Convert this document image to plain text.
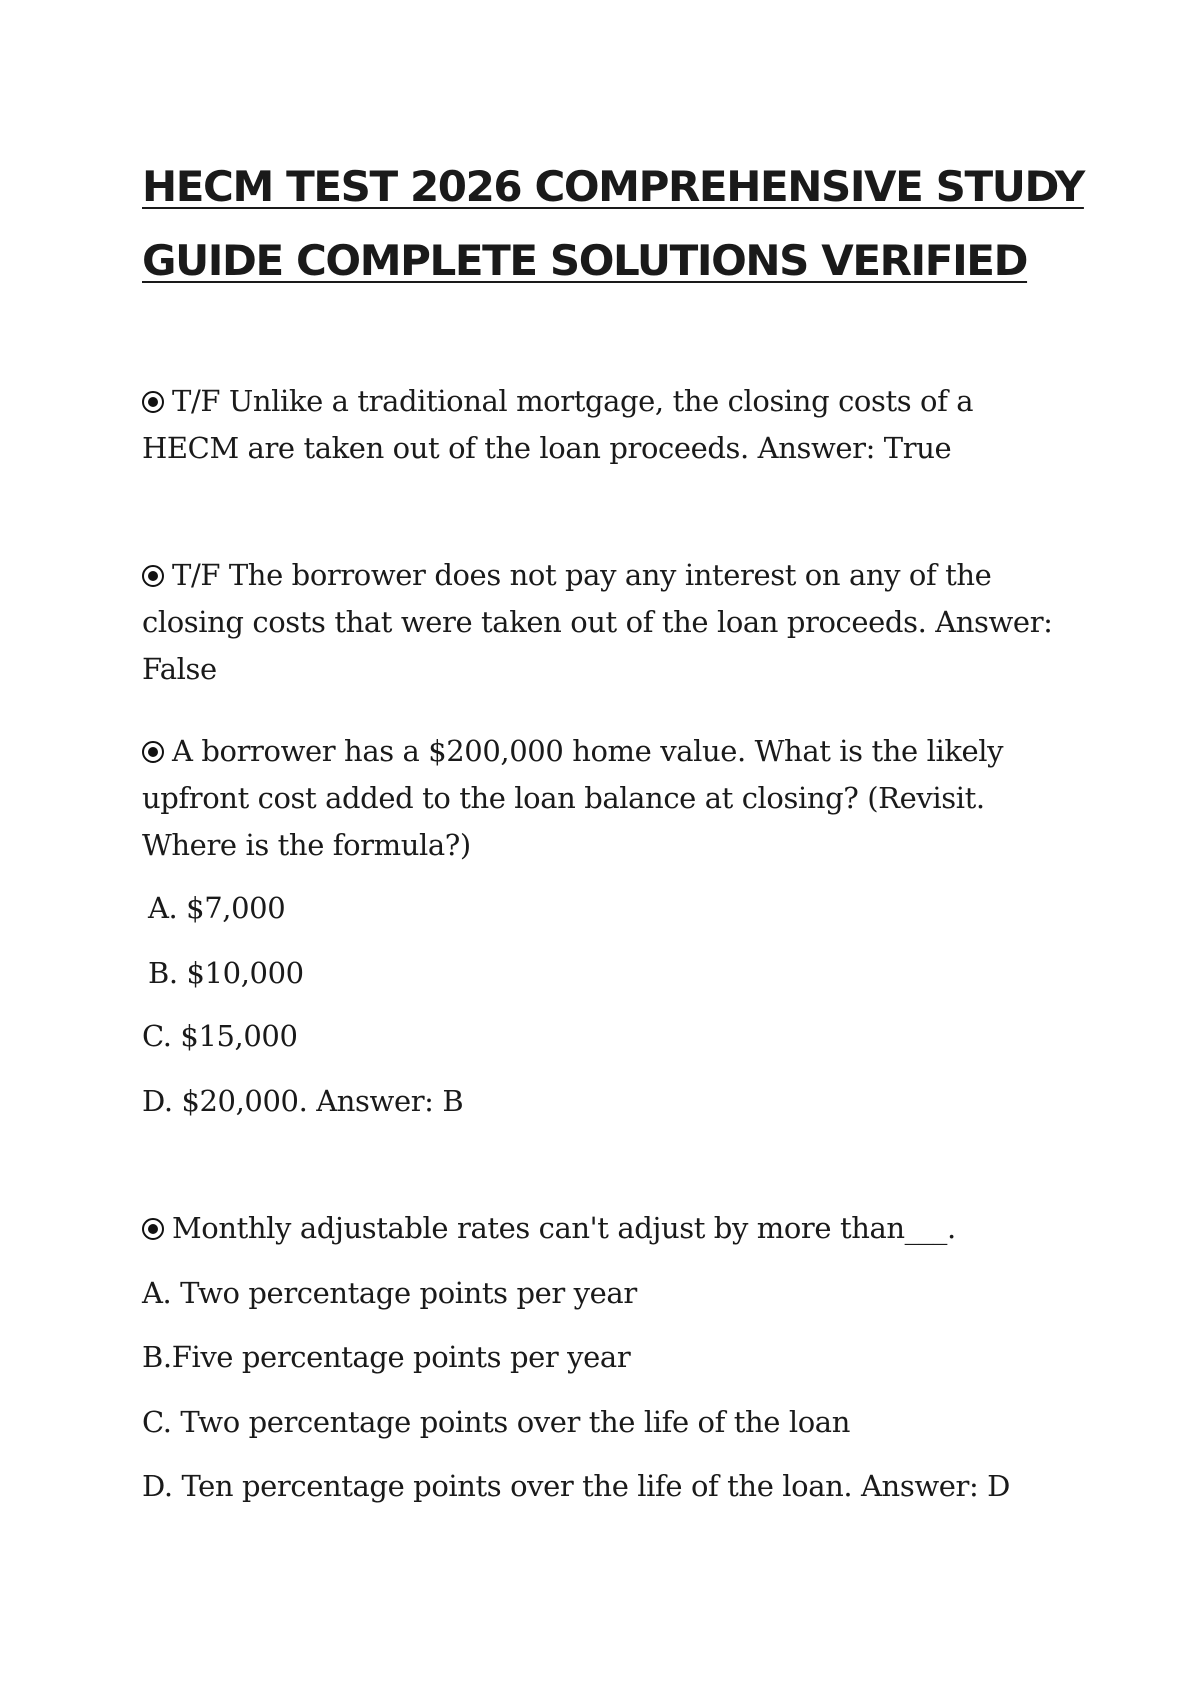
HECM TEST 2026 COMPREHENSIVE STUDY
GUIDE COMPLETE SOLUTIONS VERIFIED

T/F Unlike a traditional mortgage, the closing costs of a HECM are taken out of the loan proceeds. Answer: True

T/F The borrower does not pay any interest on any of the closing costs that were taken out of the loan proceeds. Answer: False

A borrower has a $200,000 home value. What is the likely upfront cost added to the loan balance at closing? (Revisit. Where is the formula?)

A. $7,000

B. $10,000

C. $15,000

D. $20,000. Answer: B

Monthly adjustable rates can't adjust by more than___.

A. Two percentage points per year

B.Five percentage points per year

C. Two percentage points over the life of the loan

D. Ten percentage points over the life of the loan. Answer: D
